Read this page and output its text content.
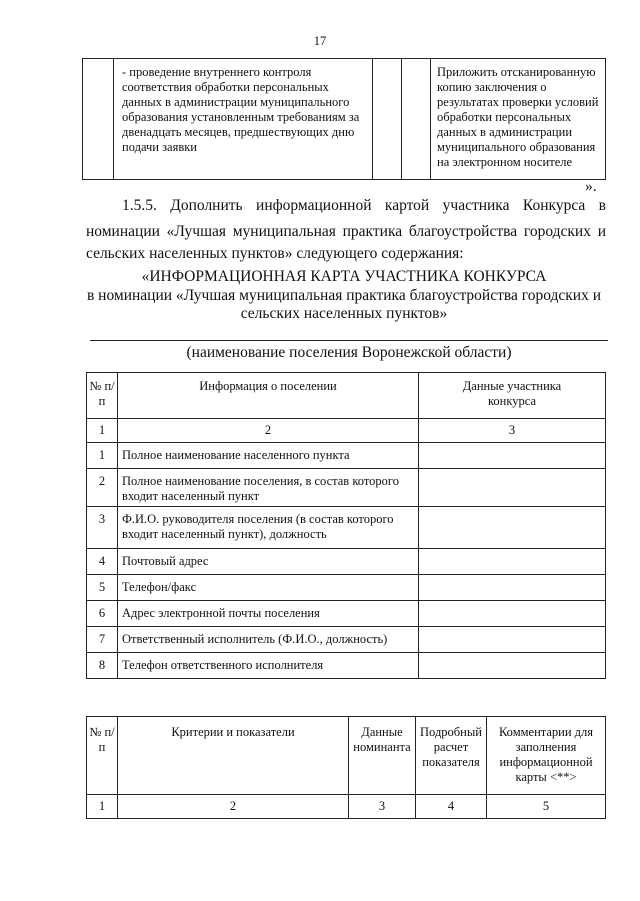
17
	- проведение внутреннего контроля соответствия обработки персональных данных в администрации муниципального образования установленным требованиям за двенадцать месяцев, предшествующих дню подачи заявки			Приложить отсканированную копию заключения о результатах проверки условий обработки персональных данных в администрации муниципального образования на электронном носителе
».
1.5.5. Дополнить информационной картой участника Конкурса в
номинации «Лучшая муниципальная практика благоустройства городских и
сельских населенных пунктов» следующего содержания:
«ИНФОРМАЦИОННАЯ КАРТА УЧАСТНИКА КОНКУРСА
в номинации «Лучшая муниципальная практика благоустройства городских и
сельских населенных пунктов»
(наименование поселения Воронежской области)
№ п/п	Информация о поселении	Данные участника конкурса

1	2	3

1	Полное наименование населенного пункта	

2	Полное наименование поселения, в состав которого входит населенный пункт	

3	Ф.И.О. руководителя поселения (в состав которого входит населенный пункт), должность	

4	Почтовый адрес	

5	Телефон/факс	

6	Адрес электронной почты поселения	

7	Ответственный исполнитель (Ф.И.О., должность)	

8	Телефон ответственного исполнителя	

№ п/п	Критерии и показатели	Данные номинанта	Подробный расчет показателя	Комментарии для заполнения информационной карты <**>

1	2	3	4	5
